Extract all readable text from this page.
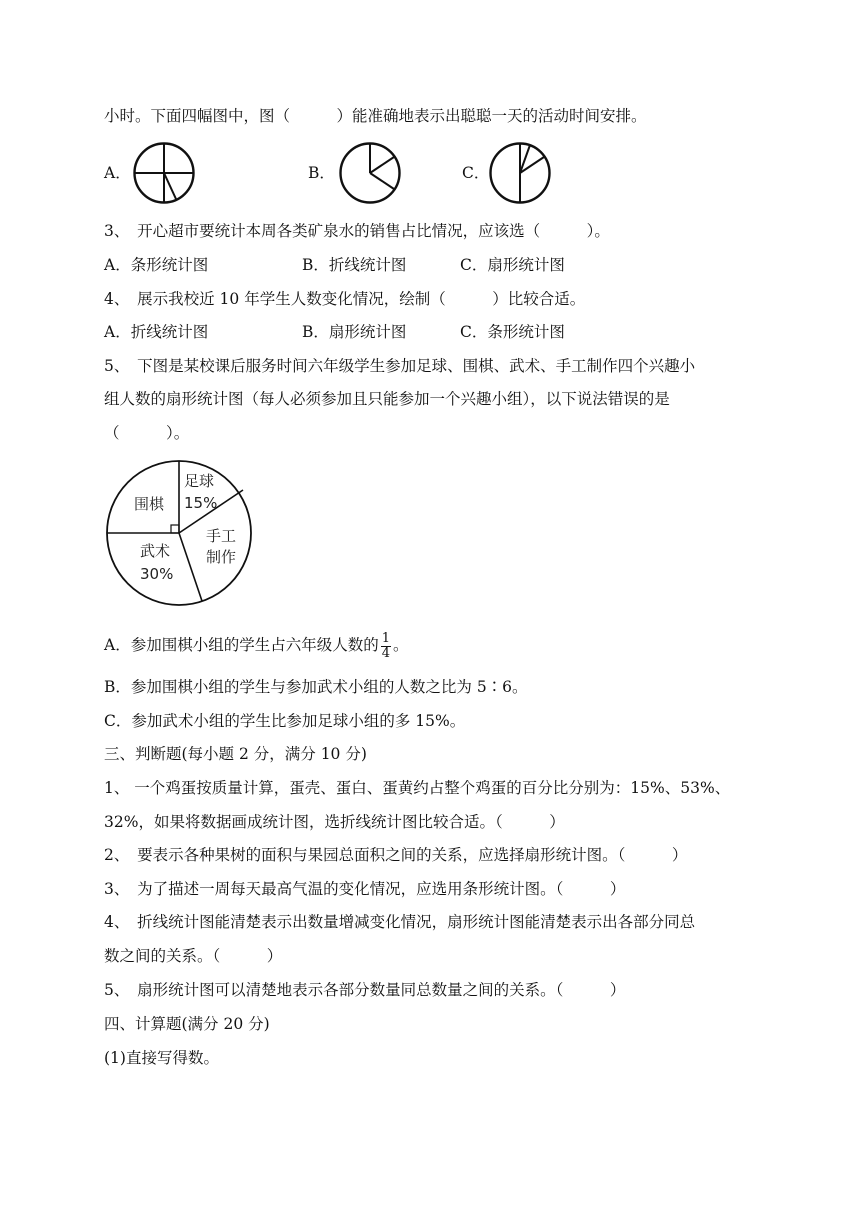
小时。下面四幅图中，图（　　　）能准确地表示出聪聪一天的活动时间安排。
A．	B．	C．
3、　开心超市要统计本周各类矿泉水的销售占比情况，应该选（　　　）。
A．条形统计图	B．折线统计图	C．扇形统计图
4、　展示我校近 10 年学生人数变化情况，绘制（　　　）比较合适。
A．折线统计图	B．扇形统计图	C．条形统计图
5、　下图是某校课后服务时间六年级学生参加足球、围棋、武术、手工制作四个兴趣小
组人数的扇形统计图（每人必须参加且只能参加一个兴趣小组），以下说法错误的是
（　　　）。
足球
15%
围棋
手工
制作
武术
30%
A．参加围棋小组的学生占六年级人数的 $\frac{1}{4}$ 。
B．参加围棋小组的学生与参加武术小组的人数之比为 5∶6。
C．参加武术小组的学生比参加足球小组的多 15%。
三、判断题(每小题 2 分，满分 10 分)
1、 一个鸡蛋按质量计算，蛋壳、蛋白、蛋黄约占整个鸡蛋的百分比分别为：15%、53%、
32%，如果将数据画成统计图，选折线统计图比较合适。（　　　）
2、　要表示各种果树的面积与果园总面积之间的关系，应选择扇形统计图。（　　　）
3、　为了描述一周每天最高气温的变化情况，应选用条形统计图。（　　　）
4、　折线统计图能清楚表示出数量增减变化情况，扇形统计图能清楚表示出各部分同总
数之间的关系。（　　　）
5、　扇形统计图可以清楚地表示各部分数量同总数量之间的关系。（　　　）
四、计算题(满分 20 分)
(1)直接写得数。
